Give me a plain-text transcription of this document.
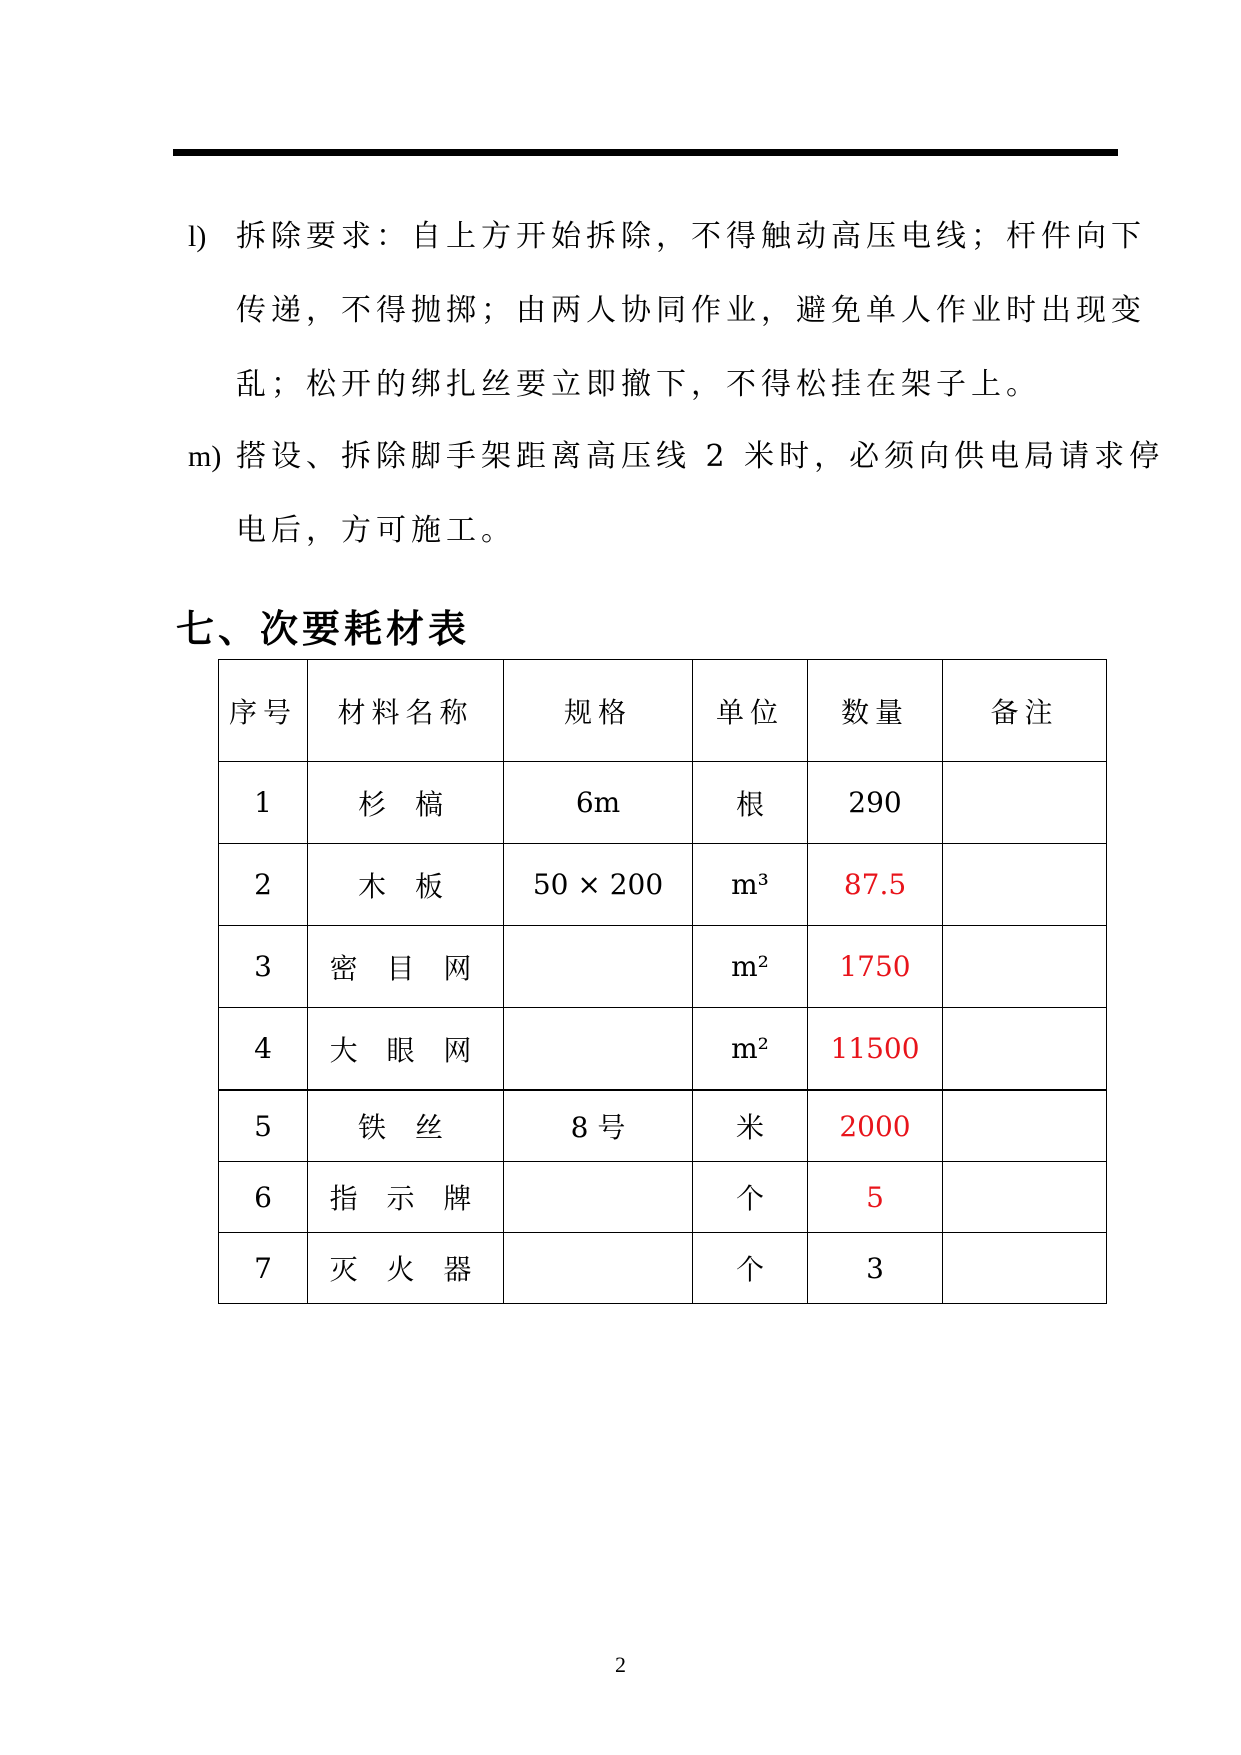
l) 拆除要求：自上方开始拆除，不得触动高压电线；杆件向下
传递，不得抛掷；由两人协同作业，避免单人作业时出现变
乱；松开的绑扎丝要立即撤下，不得松挂在架子上。
m) 搭设、拆除脚手架距离高压线 2 米时，必须向供电局请求停
电后，方可施工。
七、次要耗材表
序号	材料名称	规格	单位	数量	备注
1	杉 槁	6m	根	290	
2	木 板	50 × 200	m³	87.5	
3	密 目 网		m²	1750	
4	大 眼 网		m²	11500	
5	铁 丝	8 号	米	2000	
6	指 示 牌		个	5	
7	灭 火 器		个	3	
2
